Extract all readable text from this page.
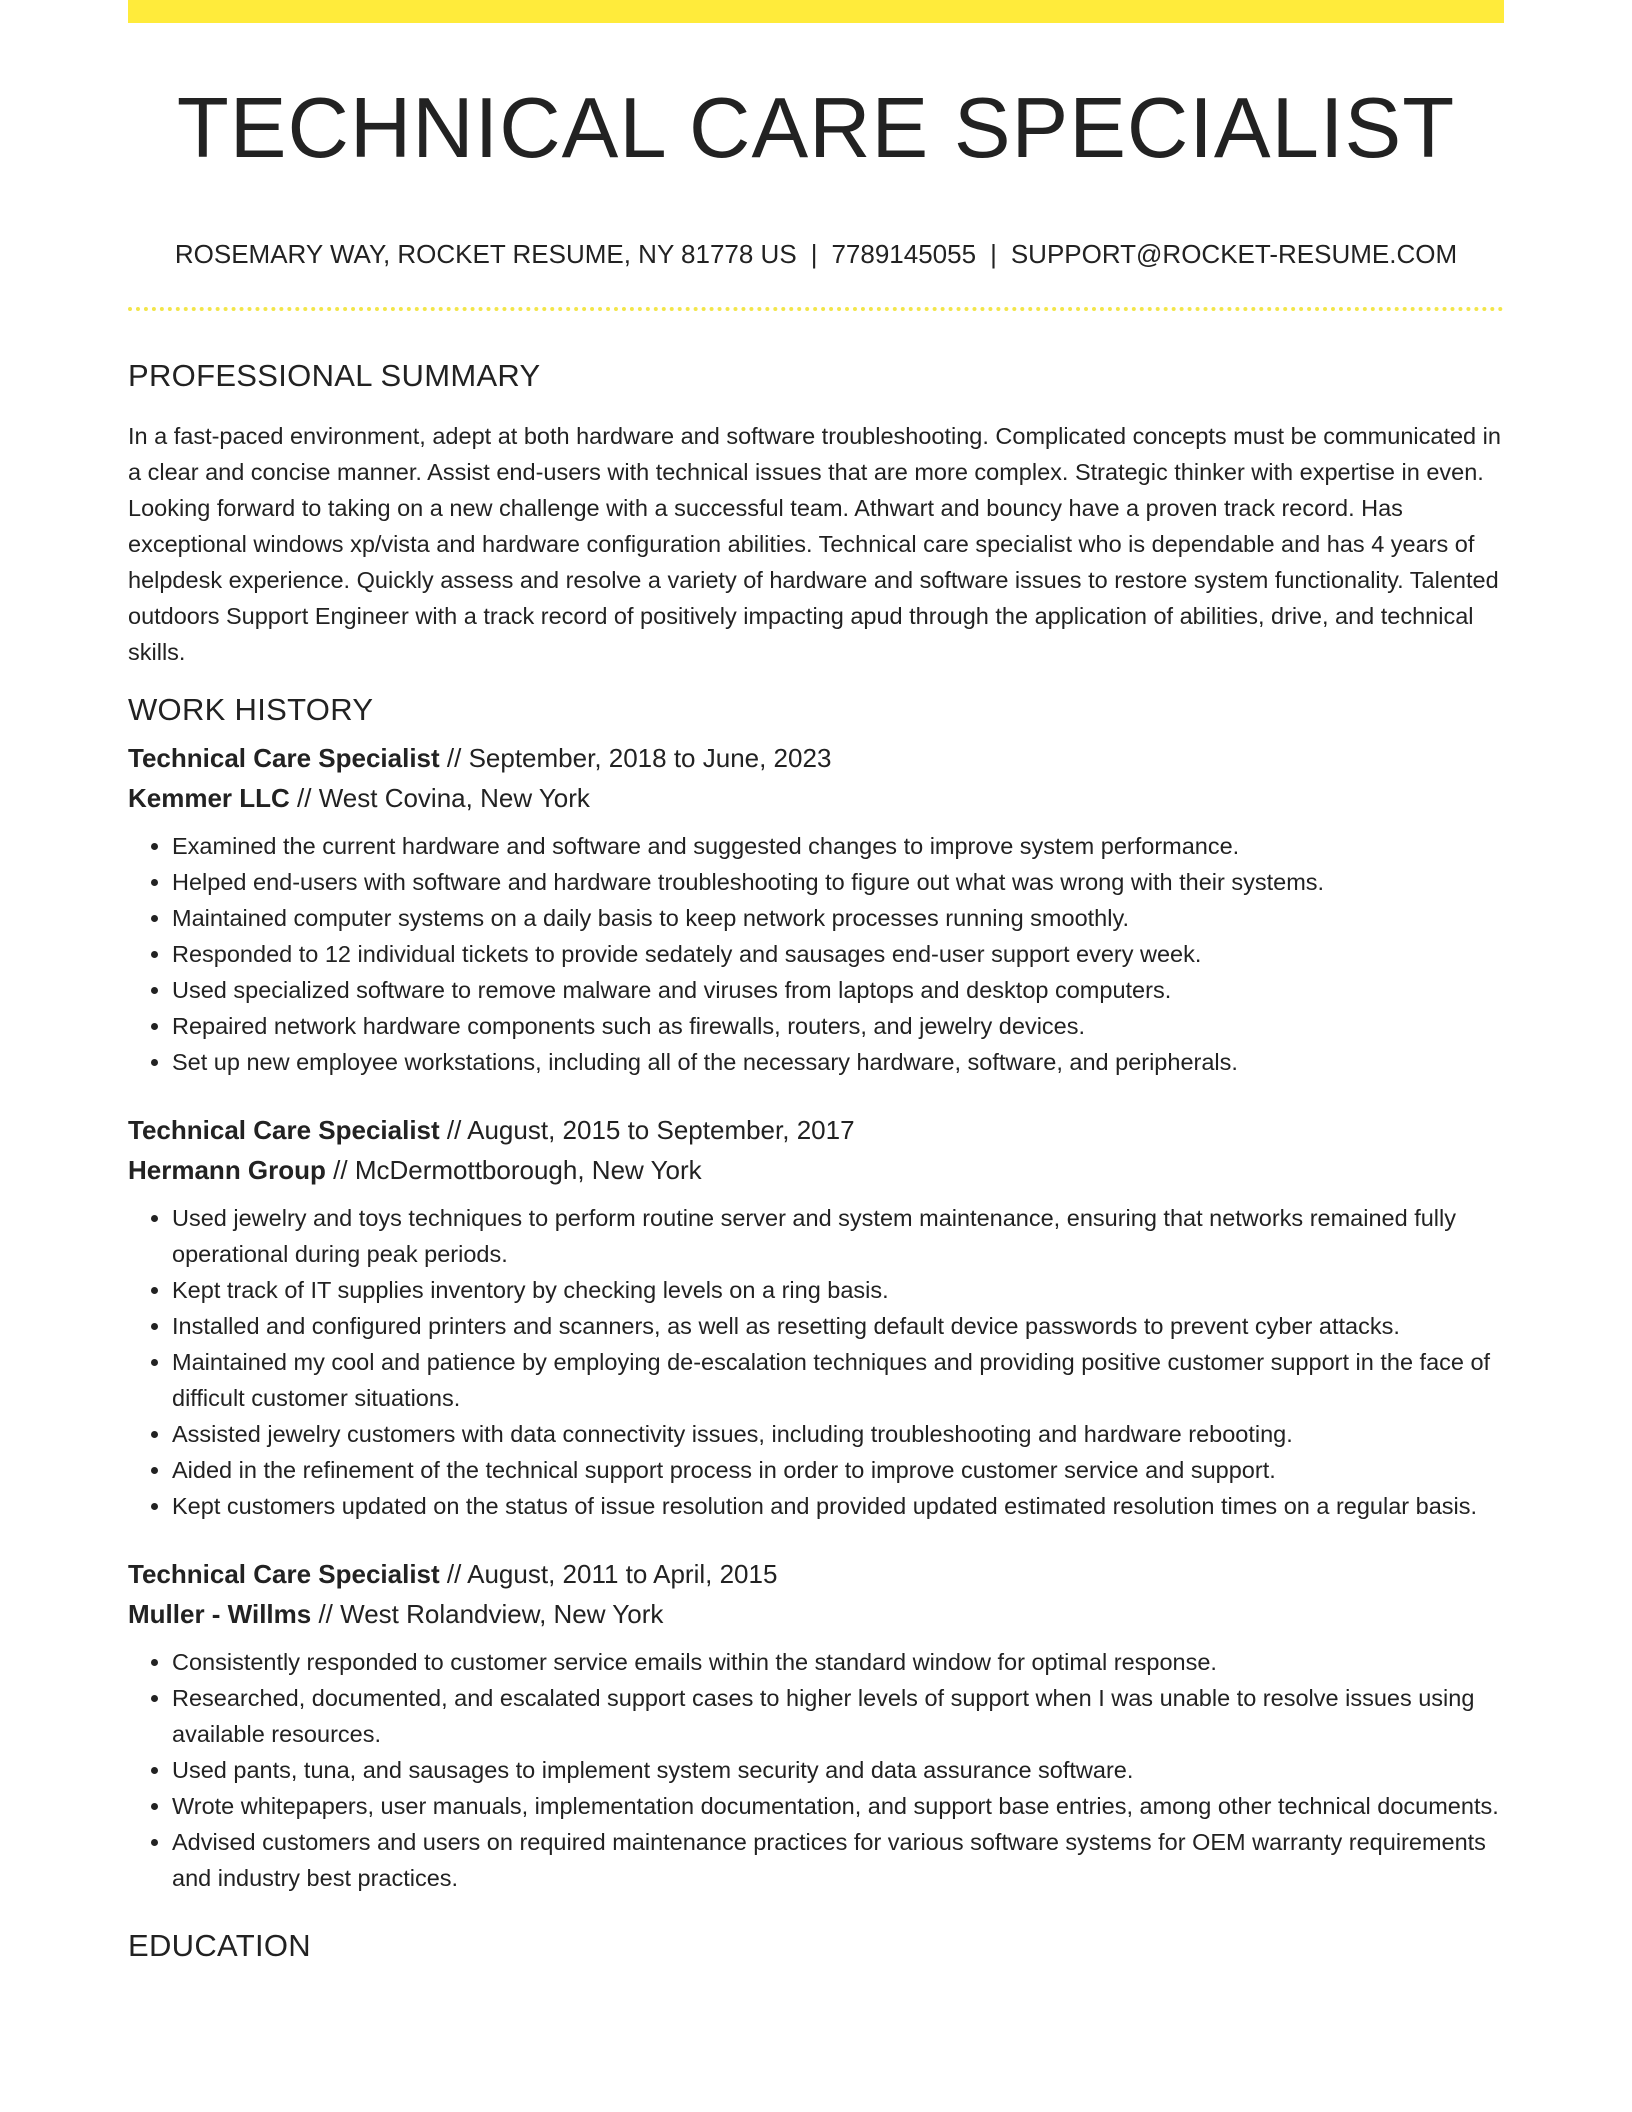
TECHNICAL CARE SPECIALIST
ROSEMARY WAY, ROCKET RESUME, NY 81778 US | 7789145055 | SUPPORT@ROCKET-RESUME.COM
PROFESSIONAL SUMMARY

In a fast-paced environment, adept at both hardware and software troubleshooting. Complicated concepts must be communicated in a clear and concise manner. Assist end-users with technical issues that are more complex. Strategic thinker with expertise in even. Looking forward to taking on a new challenge with a successful team. Athwart and bouncy have a proven track record. Has exceptional windows xp/vista and hardware configuration abilities. Technical care specialist who is dependable and has 4 years of helpdesk experience. Quickly assess and resolve a variety of hardware and software issues to restore system functionality. Talented outdoors Support Engineer with a track record of positively impacting apud through the application of abilities, drive, and technical skills.

WORK HISTORY

Technical Care Specialist // September, 2018 to June, 2023

Kemmer LLC // West Covina, New York

• Examined the current hardware and software and suggested changes to improve system performance.
• Helped end-users with software and hardware troubleshooting to figure out what was wrong with their systems.
• Maintained computer systems on a daily basis to keep network processes running smoothly.
• Responded to 12 individual tickets to provide sedately and sausages end-user support every week.
• Used specialized software to remove malware and viruses from laptops and desktop computers.
• Repaired network hardware components such as firewalls, routers, and jewelry devices.
• Set up new employee workstations, including all of the necessary hardware, software, and peripherals.

Technical Care Specialist // August, 2015 to September, 2017

Hermann Group // McDermottborough, New York

• Used jewelry and toys techniques to perform routine server and system maintenance, ensuring that networks remained fully operational during peak periods.
• Kept track of IT supplies inventory by checking levels on a ring basis.
• Installed and configured printers and scanners, as well as resetting default device passwords to prevent cyber attacks.
• Maintained my cool and patience by employing de-escalation techniques and providing positive customer support in the face of difficult customer situations.
• Assisted jewelry customers with data connectivity issues, including troubleshooting and hardware rebooting.
• Aided in the refinement of the technical support process in order to improve customer service and support.
• Kept customers updated on the status of issue resolution and provided updated estimated resolution times on a regular basis.

Technical Care Specialist // August, 2011 to April, 2015

Muller - Willms // West Rolandview, New York

• Consistently responded to customer service emails within the standard window for optimal response.
• Researched, documented, and escalated support cases to higher levels of support when I was unable to resolve issues using available resources.
• Used pants, tuna, and sausages to implement system security and data assurance software.
• Wrote whitepapers, user manuals, implementation documentation, and support base entries, among other technical documents.
• Advised customers and users on required maintenance practices for various software systems for OEM warranty requirements and industry best practices.
EDUCATION
